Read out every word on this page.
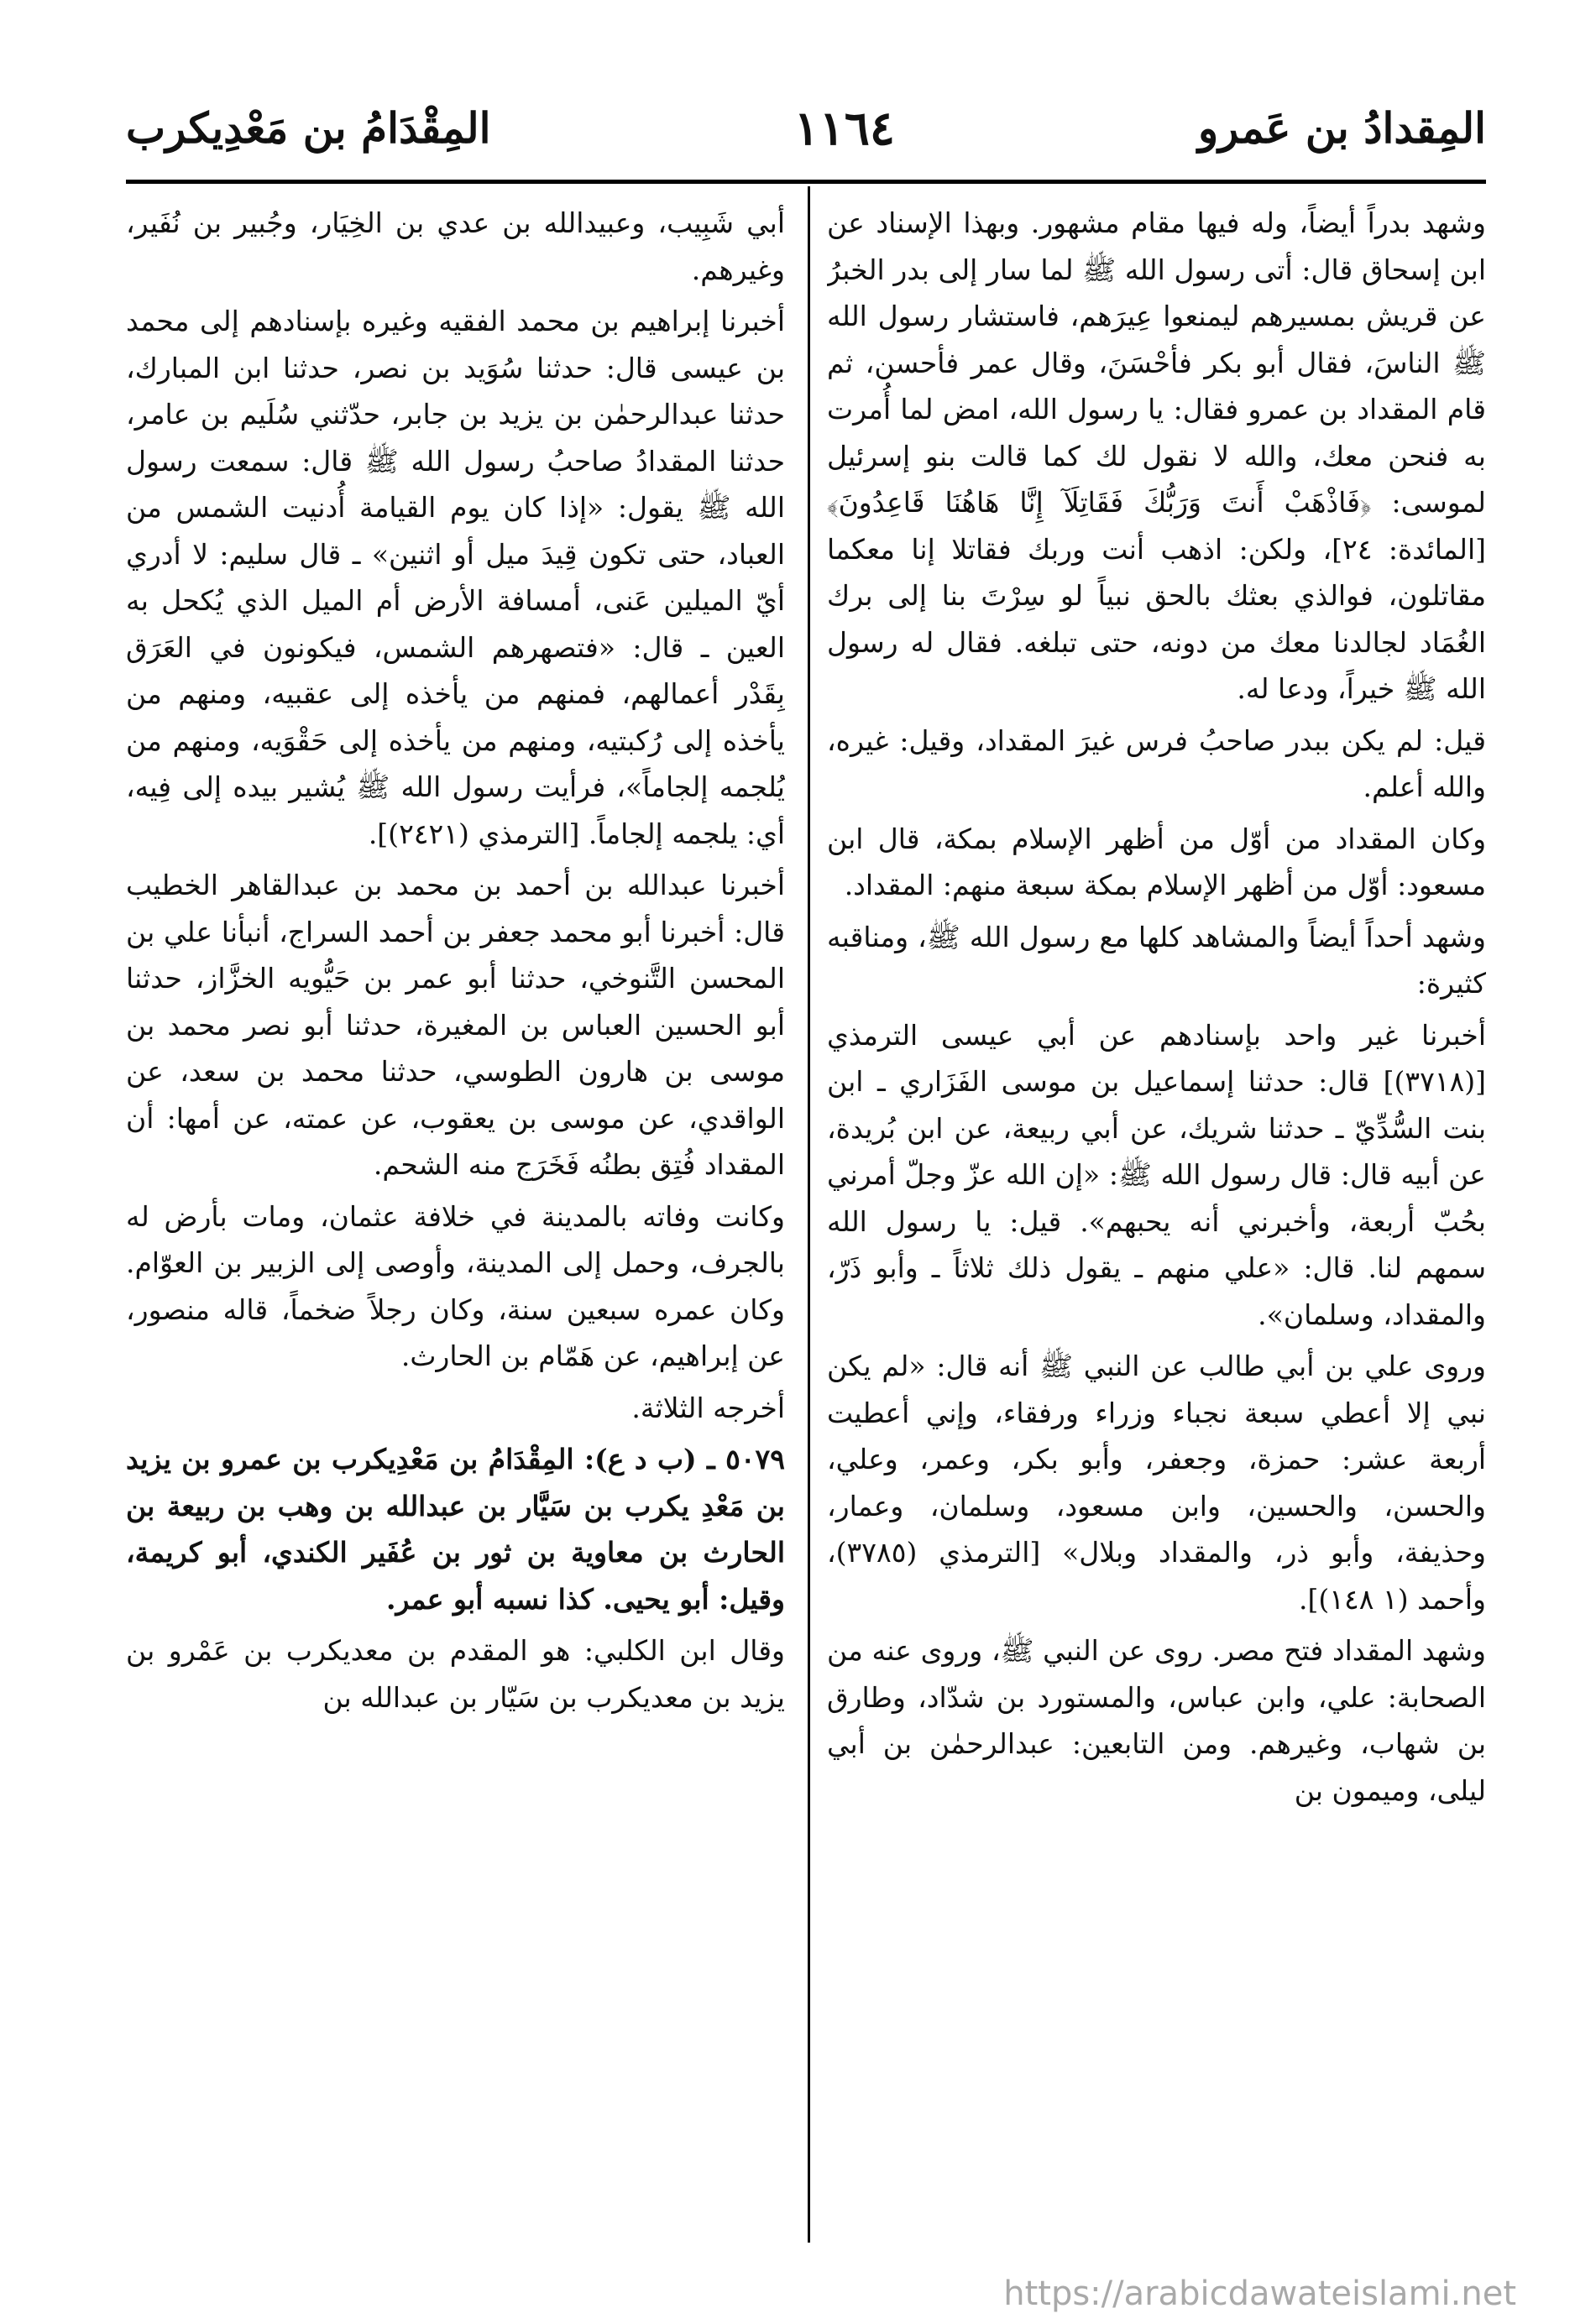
المِقْدَامُ بن مَعْدِيكرب	١١٦٤	المِقدادُ بن عَمرو

وشهد بدراً أيضاً، وله فيها مقام مشهور. وبهذا الإسناد عن ابن إسحاق قال: أتى رسول الله ﷺ لما سار إلى بدر الخبرُ عن قريش بمسيرهم ليمنعوا عِيرَهم، فاستشار رسول الله ﷺ الناسَ، فقال أبو بكر فأحْسَنَ، وقال عمر فأحسن، ثم قام المقداد بن عمرو فقال: يا رسول الله، امض لما أُمرت به فنحن معك، والله لا نقول لك كما قالت بنو إسرئيل لموسى: ﴿فَاذْهَبْ أَنتَ وَرَبُّكَ فَقَاتِلَآ إِنَّا هَاهُنَا قَاعِدُونَ﴾ [المائدة: ٢٤]، ولكن: اذهب أنت وربك فقاتلا إنا معكما مقاتلون، فوالذي بعثك بالحق نبياً لو سِرْتَ بنا إلى برك الغُمَاد لجالدنا معك من دونه، حتى تبلغه. فقال له رسول الله ﷺ خيراً، ودعا له.

قيل: لم يكن ببدر صاحبُ فرس غيرَ المقداد، وقيل: غيره، والله أعلم.

وكان المقداد من أوّل من أظهر الإسلام بمكة، قال ابن مسعود: أوّل من أظهر الإسلام بمكة سبعة منهم: المقداد.

وشهد أحداً أيضاً والمشاهد كلها مع رسول الله ﷺ، ومناقبه كثيرة:

أخبرنا غير واحد بإسنادهم عن أبي عيسى الترمذي [(٣٧١٨)] قال: حدثنا إسماعيل بن موسى الفَزَاري ـ ابن بنت السُّدِّيّ ـ حدثنا شريك، عن أبي ربيعة، عن ابن بُريدة، عن أبيه قال: قال رسول الله ﷺ: «إن الله عزّ وجلّ أمرني بحُبّ أربعة، وأخبرني أنه يحبهم». قيل: يا رسول الله سمهم لنا. قال: «علي منهم ـ يقول ذلك ثلاثاً ـ وأبو ذَرّ، والمقداد، وسلمان».

وروى علي بن أبي طالب عن النبي ﷺ أنه قال: «لم يكن نبي إلا أعطي سبعة نجباء وزراء ورفقاء، وإني أعطيت أربعة عشر: حمزة، وجعفر، وأبو بكر، وعمر، وعلي، والحسن، والحسين، وابن مسعود، وسلمان، وعمار، وحذيفة، وأبو ذر، والمقداد وبلال» [الترمذي (٣٧٨٥)، وأحمد (١ ١٤٨)].

وشهد المقداد فتح مصر. روى عن النبي ﷺ، وروى عنه من الصحابة: علي، وابن عباس، والمستورد بن شدّاد، وطارق بن شهاب، وغيرهم. ومن التابعين: عبدالرحمٰن بن أبي ليلى، وميمون بن

أبي شَبِيب، وعبيدالله بن عدي بن الخِيَار، وجُبير بن نُفَير، وغيرهم.

أخبرنا إبراهيم بن محمد الفقيه وغيره بإسنادهم إلى محمد بن عيسى قال: حدثنا سُوَيد بن نصر، حدثنا ابن المبارك، حدثنا عبدالرحمٰن بن يزيد بن جابر، حدّثني سُلَيم بن عامر، حدثنا المقدادُ صاحبُ رسول الله ﷺ قال: سمعت رسول الله ﷺ يقول: «إذا كان يوم القيامة أُدنيت الشمس من العباد، حتى تكون قِيدَ ميل أو اثنين» ـ قال سليم: لا أدري أيّ الميلين عَنى، أمسافة الأرض أم الميل الذي يُكحل به العين ـ قال: «فتصهرهم الشمس، فيكونون في العَرَق بِقَدْر أعمالهم، فمنهم من يأخذه إلى عقبيه، ومنهم من يأخذه إلى رُكبتيه، ومنهم من يأخذه إلى حَقْوَيه، ومنهم من يُلجمه إلجاماً»، فرأيت رسول الله ﷺ يُشير بيده إلى فِيه، أي: يلجمه إلجاماً. [الترمذي (٢٤٢١)].

أخبرنا عبدالله بن أحمد بن محمد بن عبدالقاهر الخطيب قال: أخبرنا أبو محمد جعفر بن أحمد السراج، أنبأنا علي بن المحسن التَّنوخي، حدثنا أبو عمر بن حَيُّويه الخزَّاز، حدثنا أبو الحسين العباس بن المغيرة، حدثنا أبو نصر محمد بن موسى بن هارون الطوسي، حدثنا محمد بن سعد، عن الواقدي، عن موسى بن يعقوب، عن عمته، عن أمها: أن المقداد فُتِق بطنُه فَخَرَج منه الشحم.

وكانت وفاته بالمدينة في خلافة عثمان، ومات بأرض له بالجرف، وحمل إلى المدينة، وأوصى إلى الزبير بن العوّام. وكان عمره سبعين سنة، وكان رجلاً ضخماً، قاله منصور، عن إبراهيم، عن هَمّام بن الحارث.

أخرجه الثلاثة.

٥٠٧٩ ـ (ب د ع): المِقْدَامُ بن مَعْدِيكرب بن عمرو بن يزيد بن مَعْدِ يكرب بن سَيَّار بن عبدالله بن وهب بن ربيعة بن الحارث بن معاوية بن ثور بن عُفَير الكندي، أبو كريمة، وقيل: أبو يحيى. كذا نسبه أبو عمر.

وقال ابن الكلبي: هو المقدم بن معديكرب بن عَمْرو بن يزيد بن معديكرب بن سَيّار بن عبدالله بن

https://arabicdawateislami.net
